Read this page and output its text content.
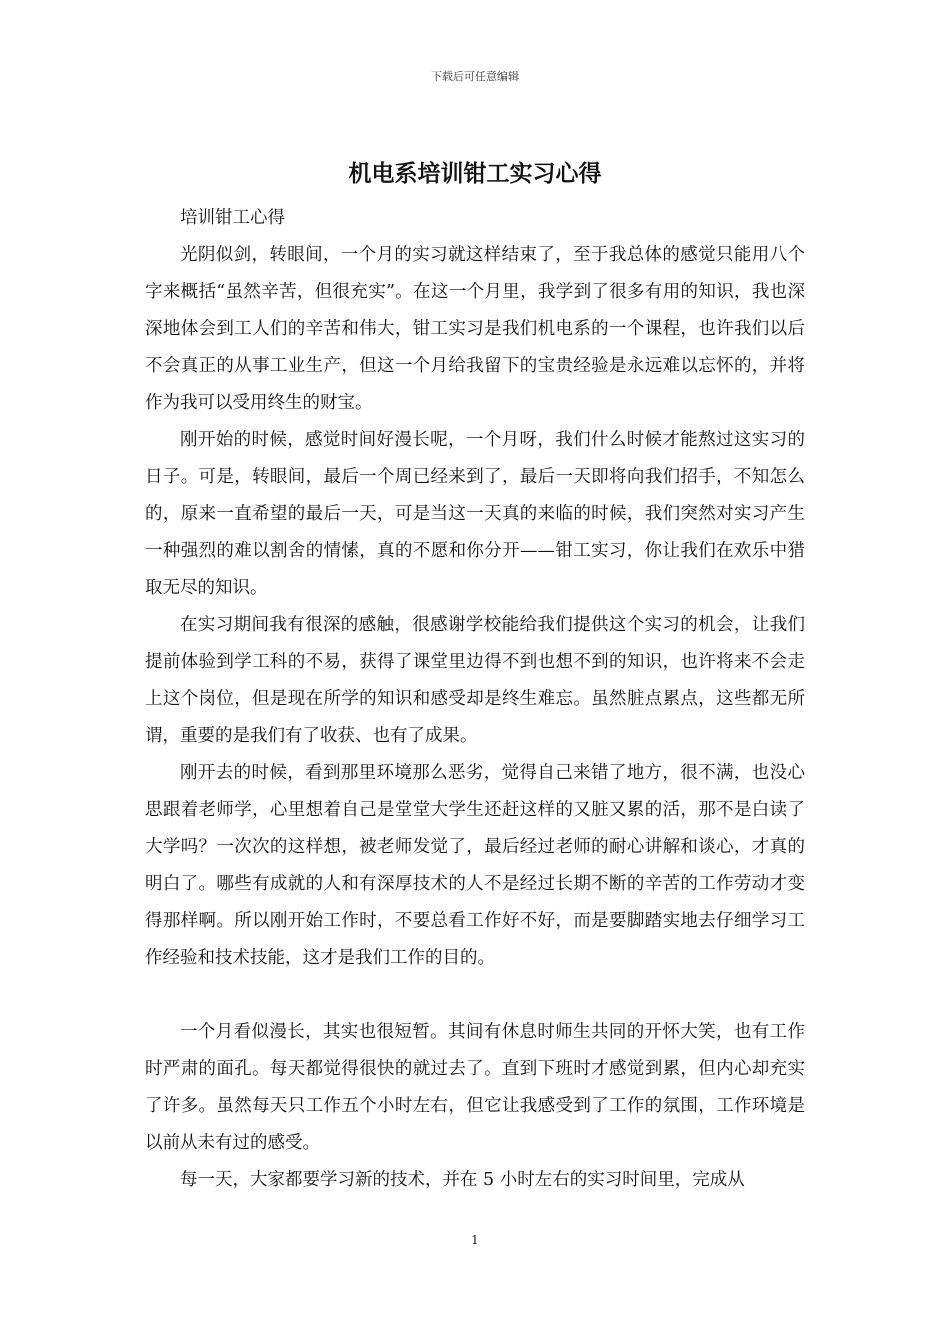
下载后可任意编辑
机电系培训钳工实习心得

培训钳工心得

光阴似剑，转眼间，一个月的实习就这样结束了，至于我总体的感觉只能用八个字来概括“虽然辛苦，但很充实”。在这一个月里，我学到了很多有用的知识，我也深深地体会到工人们的辛苦和伟大，钳工实习是我们机电系的一个课程，也许我们以后不会真正的从事工业生产，但这一个月给我留下的宝贵经验是永远难以忘怀的，并将作为我可以受用终生的财宝。

刚开始的时候，感觉时间好漫长呢，一个月呀，我们什么时候才能熬过这实习的日子。可是，转眼间，最后一个周已经来到了，最后一天即将向我们招手，不知怎么的，原来一直希望的最后一天，可是当这一天真的来临的时候，我们突然对实习产生一种强烈的难以割舍的情愫，真的不愿和你分开——钳工实习，你让我们在欢乐中猎取无尽的知识。

在实习期间我有很深的感触，很感谢学校能给我们提供这个实习的机会，让我们提前体验到学工科的不易，获得了课堂里边得不到也想不到的知识，也许将来不会走上这个岗位，但是现在所学的知识和感受却是终生难忘。虽然脏点累点，这些都无所谓，重要的是我们有了收获、也有了成果。

刚开去的时候，看到那里环境那么恶劣，觉得自己来错了地方，很不满，也没心思跟着老师学，心里想着自己是堂堂大学生还赶这样的又脏又累的活，那不是白读了大学吗？一次次的这样想，被老师发觉了，最后经过老师的耐心讲解和谈心，才真的明白了。哪些有成就的人和有深厚技术的人不是经过长期不断的辛苦的工作劳动才变得那样啊。所以刚开始工作时，不要总看工作好不好，而是要脚踏实地去仔细学习工作经验和技术技能，这才是我们工作的目的。

一个月看似漫长，其实也很短暂。其间有休息时师生共同的开怀大笑，也有工作时严肃的面孔。每天都觉得很快的就过去了。直到下班时才感觉到累，但内心却充实了许多。虽然每天只工作五个小时左右，但它让我感受到了工作的氛围，工作环境是以前从未有过的感受。

每一天，大家都要学习新的技术，并在 5 小时左右的实习时间里，完成从

1
